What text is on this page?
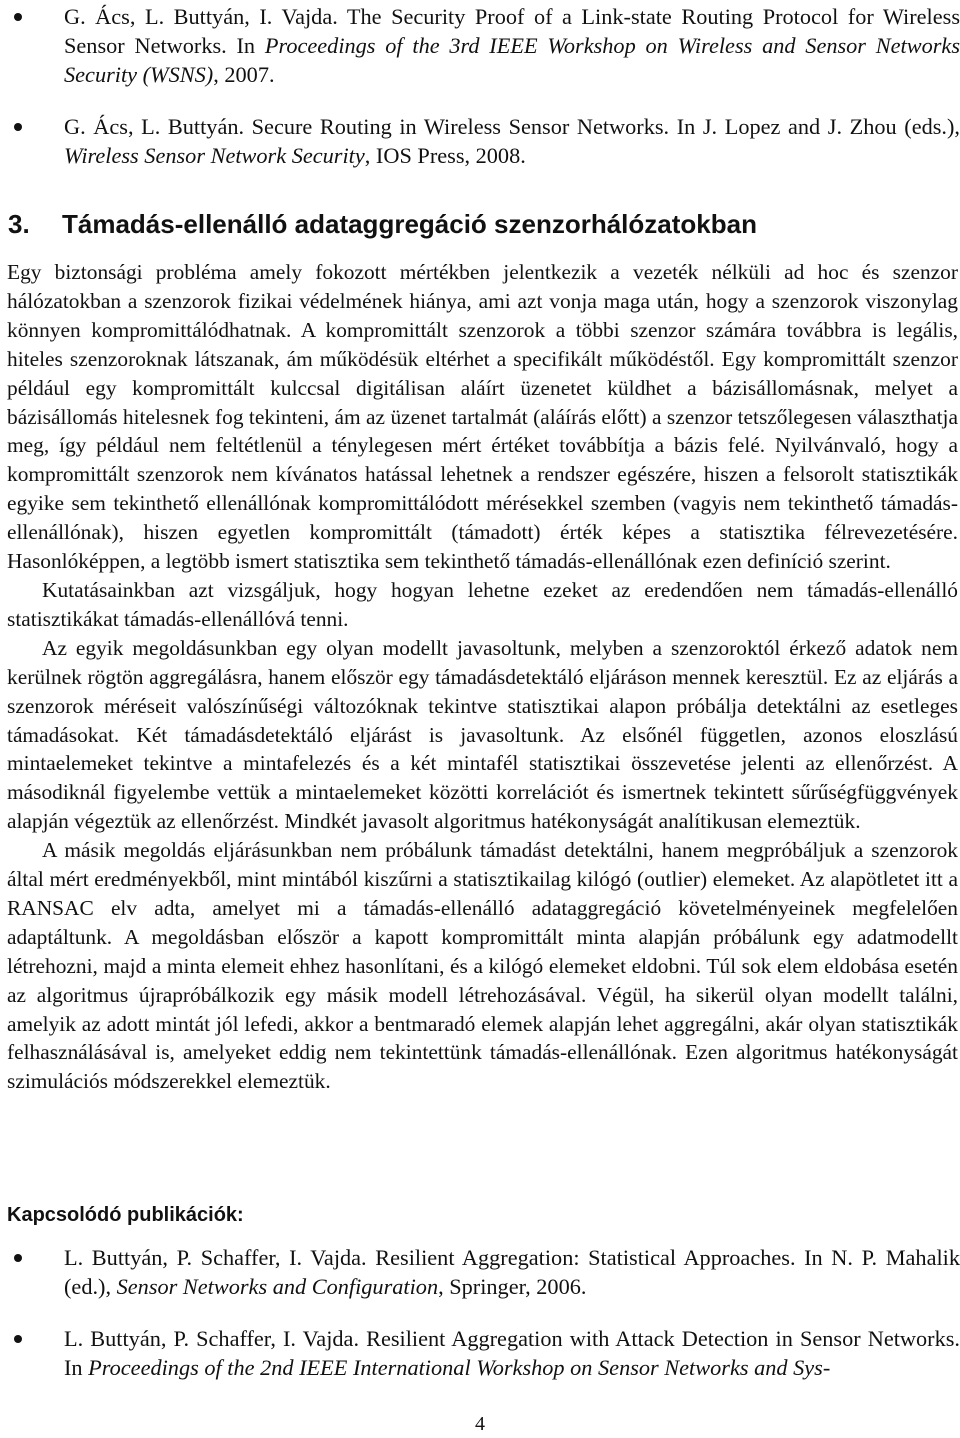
G. Ács, L. Buttyán, I. Vajda. The Security Proof of a Link-state Routing Protocol for Wireless Sensor Networks. In Proceedings of the 3rd IEEE Workshop on Wireless and Sensor Networks Security (WSNS), 2007.
G. Ács, L. Buttyán. Secure Routing in Wireless Sensor Networks. In J. Lopez and J. Zhou (eds.), Wireless Sensor Network Security, IOS Press, 2008.
3. Támadás-ellenálló adataggregáció szenzorhálózatokban

Egy biztonsági probléma amely fokozott mértékben jelentkezik a vezeték nélküli ad hoc és szenzor hálózatokban a szenzorok fizikai védelmének hiánya, ami azt vonja maga után, hogy a szenzorok viszonylag könnyen kompromittálódhatnak. A kompromittált szenzorok a többi szenzor számára továbbra is legális, hiteles szenzoroknak látszanak, ám működésük eltérhet a specifikált működéstől. Egy kompromittált szenzor például egy kompromittált kulccsal digitálisan aláírt üzenetet küldhet a bázisállomásnak, melyet a bázisállomás hitelesnek fog tekinteni, ám az üzenet tartalmát (aláírás előtt) a szenzor tetszőlegesen választhatja meg, így például nem feltétlenül a ténylegesen mért értéket továbbítja a bázis felé. Nyilvánvaló, hogy a kompromittált szenzorok nem kívánatos hatással lehetnek a rendszer egészére, hiszen a felsorolt statisztikák egyike sem tekinthető ellenállónak kompromittálódott mérésekkel szemben (vagyis nem tekinthető támadás-ellenállónak), hiszen egyetlen kompromittált (támadott) érték képes a statisztika félrevezetésére. Hasonlóképpen, a legtöbb ismert statisztika sem tekinthető támadás-ellenállónak ezen definíció szerint.

Kutatásainkban azt vizsgáljuk, hogy hogyan lehetne ezeket az eredendően nem támadás-ellenálló statisztikákat támadás-ellenállóvá tenni.

Az egyik megoldásunkban egy olyan modellt javasoltunk, melyben a szenzoroktól érkező adatok nem kerülnek rögtön aggregálásra, hanem először egy támadásdetektáló eljáráson mennek keresztül. Ez az eljárás a szenzorok méréseit valószínűségi változóknak tekintve statisztikai alapon próbálja detektálni az esetleges támadásokat. Két támadásdetektáló eljárást is javasoltunk. Az elsőnél független, azonos eloszlású mintaelemeket tekintve a mintafelezés és a két mintafél statisztikai összevetése jelenti az ellenőrzést. A másodiknál figyelembe vettük a mintaelemeket közötti korrelációt és ismertnek tekintett sűrűségfüggvények alapján végeztük az ellenőrzést. Mindkét javasolt algoritmus hatékonyságát analítikusan elemeztük.

A másik megoldás eljárásunkban nem próbálunk támadást detektálni, hanem megpróbáljuk a szenzorok által mért eredményekből, mint mintából kiszűrni a statisztikailag kilógó (outlier) elemeket. Az alapötletet itt a RANSAC elv adta, amelyet mi a támadás-ellenálló adataggregáció követelményeinek megfelelően adaptáltunk. A megoldásban először a kapott kompromittált minta alapján próbálunk egy adatmodellt létrehozni, majd a minta elemeit ehhez hasonlítani, és a kilógó elemeket eldobni. Túl sok elem eldobása esetén az algoritmus újrapróbálkozik egy másik modell létrehozásával. Végül, ha sikerül olyan modellt találni, amelyik az adott mintát jól lefedi, akkor a bentmaradó elemek alapján lehet aggregálni, akár olyan statisztikák felhasználásával is, amelyeket eddig nem tekintettünk támadás-ellenállónak. Ezen algoritmus hatékonyságát szimulációs módszerekkel elemeztük.

Kapcsolódó publikációk:
L. Buttyán, P. Schaffer, I. Vajda. Resilient Aggregation: Statistical Approaches. In N. P. Mahalik (ed.), Sensor Networks and Configuration, Springer, 2006.
L. Buttyán, P. Schaffer, I. Vajda. Resilient Aggregation with Attack Detection in Sensor Networks. In Proceedings of the 2nd IEEE International Workshop on Sensor Networks and Sys-
4
